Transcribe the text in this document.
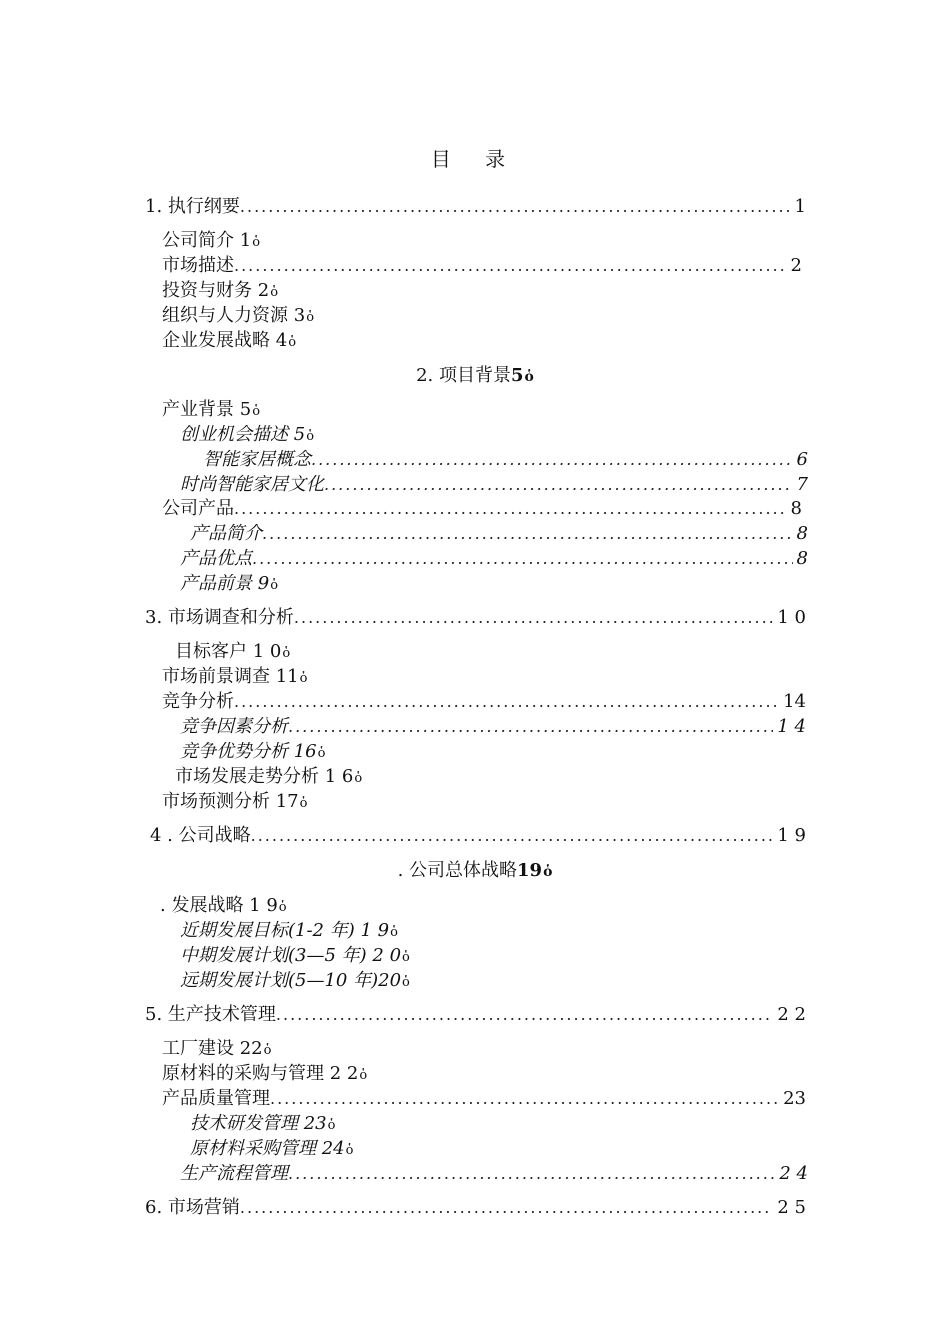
目 录
1. 执行纲要 .....	1
公司简介 1 ὁ
市场描述 .....	2
投资与财务 2 ὁ
组织与人力资源 3 ὁ
企业发展战略 4 ὁ
2. 项目背景 5 ὁ
产业背景 5 ὁ
创业机会描述 5 ὁ
智能家居概念 .....	6
时尚智能家居文化 .....	7
公司产品 .....	8
产品简介 .....	8
产品优点 .....	8
产品前景 9 ὁ
3. 市场调查和分析 .....	1 0
目标客户 1 0 ὁ
市场前景调查 11 ὁ
竞争分析 .....	14
竞争因素分析 .....	1 4
竞争优势分析 16 ὁ
市场发展走势分析 1 6 ὁ
市场预测分析 17 ὁ
4 . 公司战略 .....	1 9
. 公司总体战略 19 ὁ
. 发展战略 1 9 ὁ
近期发展目标(1-2 年) 1 9 ὁ
中期发展计划(3—5 年) 2 0 ὁ
远期发展计划(5—10 年)20 ὁ
5. 生产技术管理 .....	2 2
工厂建设 22 ὁ
原材料的采购与管理 2 2 ὁ
产品质量管理 .....	23
技术研发管理 23 ὁ
原材料采购管理 24 ὁ
生产流程管理 .....	2 4
6. 市场营销 .....	2 5
